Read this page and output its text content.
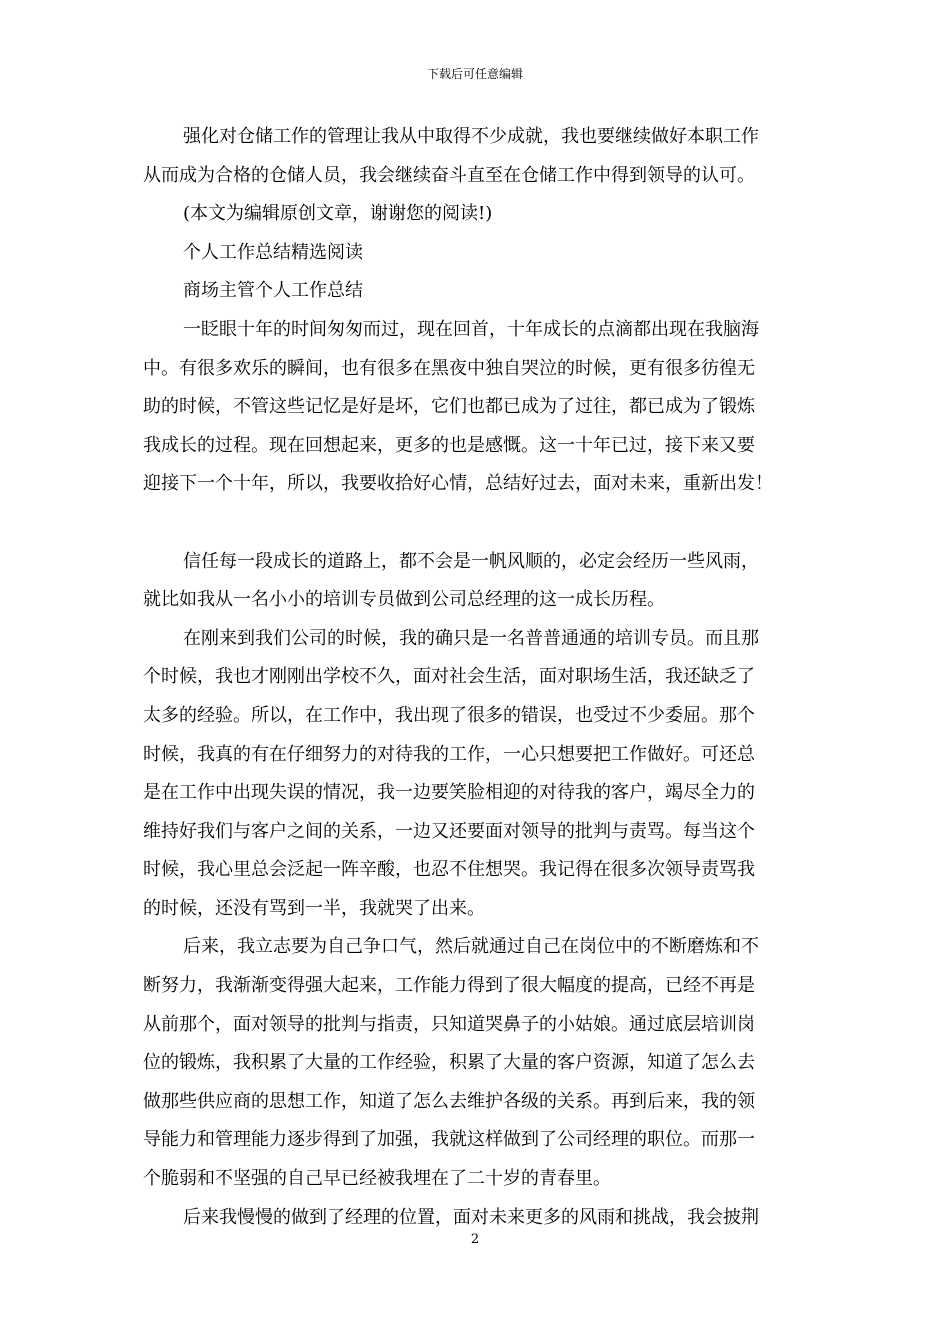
下载后可任意编辑
强化对仓储工作的管理让我从中取得不少成就，我也要继续做好本职工作
从而成为合格的仓储人员，我会继续奋斗直至在仓储工作中得到领导的认可。
(本文为编辑原创文章，谢谢您的阅读!)
个人工作总结精选阅读
商场主管个人工作总结
一眨眼十年的时间匆匆而过，现在回首，十年成长的点滴都出现在我脑海
中。有很多欢乐的瞬间，也有很多在黑夜中独自哭泣的时候，更有很多彷徨无
助的时候，不管这些记忆是好是坏，它们也都已成为了过往，都已成为了锻炼
我成长的过程。现在回想起来，更多的也是感慨。这一十年已过，接下来又要
迎接下一个十年，所以，我要收拾好心情，总结好过去，面对未来，重新出发！
信任每一段成长的道路上，都不会是一帆风顺的，必定会经历一些风雨，
就比如我从一名小小的培训专员做到公司总经理的这一成长历程。
在刚来到我们公司的时候，我的确只是一名普普通通的培训专员。而且那
个时候，我也才刚刚出学校不久，面对社会生活，面对职场生活，我还缺乏了
太多的经验。所以，在工作中，我出现了很多的错误，也受过不少委屈。那个
时候，我真的有在仔细努力的对待我的工作，一心只想要把工作做好。可还总
是在工作中出现失误的情况，我一边要笑脸相迎的对待我的客户，竭尽全力的
维持好我们与客户之间的关系，一边又还要面对领导的批判与责骂。每当这个
时候，我心里总会泛起一阵辛酸，也忍不住想哭。我记得在很多次领导责骂我
的时候，还没有骂到一半，我就哭了出来。
后来，我立志要为自己争口气，然后就通过自己在岗位中的不断磨炼和不
断努力，我渐渐变得强大起来，工作能力得到了很大幅度的提高，已经不再是
从前那个，面对领导的批判与指责，只知道哭鼻子的小姑娘。通过底层培训岗
位的锻炼，我积累了大量的工作经验，积累了大量的客户资源，知道了怎么去
做那些供应商的思想工作，知道了怎么去维护各级的关系。再到后来，我的领
导能力和管理能力逐步得到了加强，我就这样做到了公司经理的职位。而那一
个脆弱和不坚强的自己早已经被我埋在了二十岁的青春里。
后来我慢慢的做到了经理的位置，面对未来更多的风雨和挑战，我会披荆
2
